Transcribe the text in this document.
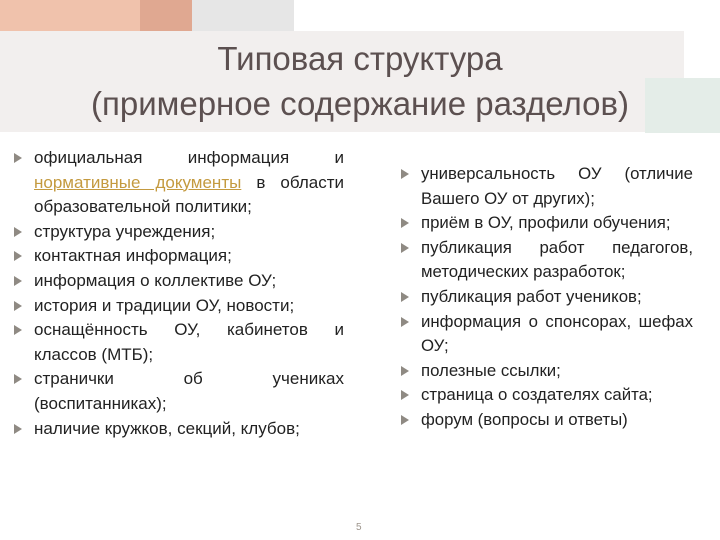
Типовая структура
(примерное содержание разделов)
официальная информация и нормативные документы в области образовательной политики;
структура учреждения;
контактная информация;
информация о коллективе ОУ;
история и традиции ОУ, новости;
оснащённость ОУ, кабинетов и классов (МТБ);
странички об учениках (воспитанниках);
наличие кружков, секций, клубов;
универсальность ОУ (отличие Вашего ОУ от других);
приём в ОУ, профили обучения;
публикация работ педагогов, методических разработок;
публикация работ учеников;
информация о спонсорах, шефах ОУ;
полезные ссылки;
страница о создателях сайта;
форум (вопросы и ответы)
5
